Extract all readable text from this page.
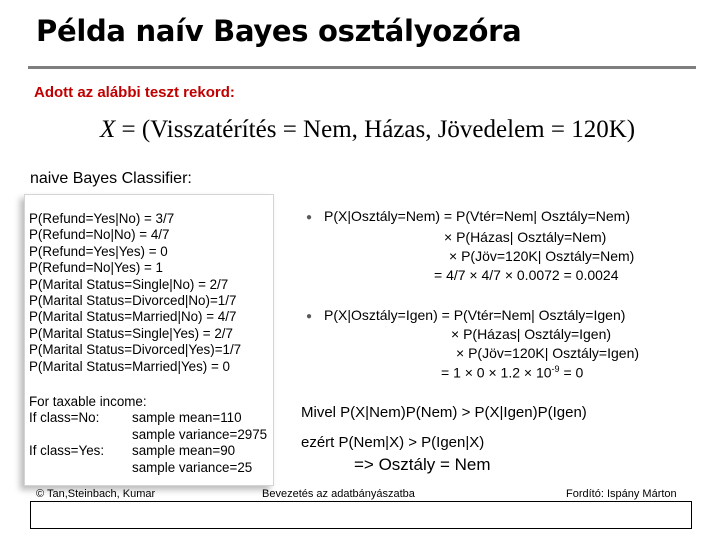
Példa naív Bayes osztályozóra
Adott az alábbi teszt rekord:
X = (Visszatérítés = Nem, Házas, Jövedelem = 120K)
naive Bayes Classifier:
P(Refund=Yes|No) = 3/7
P(Refund=No|No) = 4/7
P(Refund=Yes|Yes) = 0
P(Refund=No|Yes) = 1
P(Marital Status=Single|No) = 2/7
P(Marital Status=Divorced|No)=1/7
P(Marital Status=Married|No) = 4/7
P(Marital Status=Single|Yes) = 2/7
P(Marital Status=Divorced|Yes)=1/7
P(Marital Status=Married|Yes) = 0
For taxable income:
If class=No: sample mean=110
sample variance=2975
If class=Yes: sample mean=90
sample variance=25
● P(X|Osztály=Nem) = P(Vtér=Nem| Osztály=Nem)
× P(Házas| Osztály=Nem)
× P(Jöv=120K| Osztály=Nem)
= 4/7 × 4/7 × 0.0072 = 0.0024
● P(X|Osztály=Igen) = P(Vtér=Nem| Osztály=Igen)
× P(Házas| Osztály=Igen)
× P(Jöv=120K| Osztály=Igen)
= $1 \times 0 \times 1.2 \times 10^{-9} = 0$
Mivel P(X|Nem)P(Nem) > P(X|Igen)P(Igen)
ezért P(Nem|X) > P(Igen|X)
=> Osztály = Nem
© Tan,Steinbach, Kumar	Bevezetés az adatbányászatba	Fordító: Ispány Márton
